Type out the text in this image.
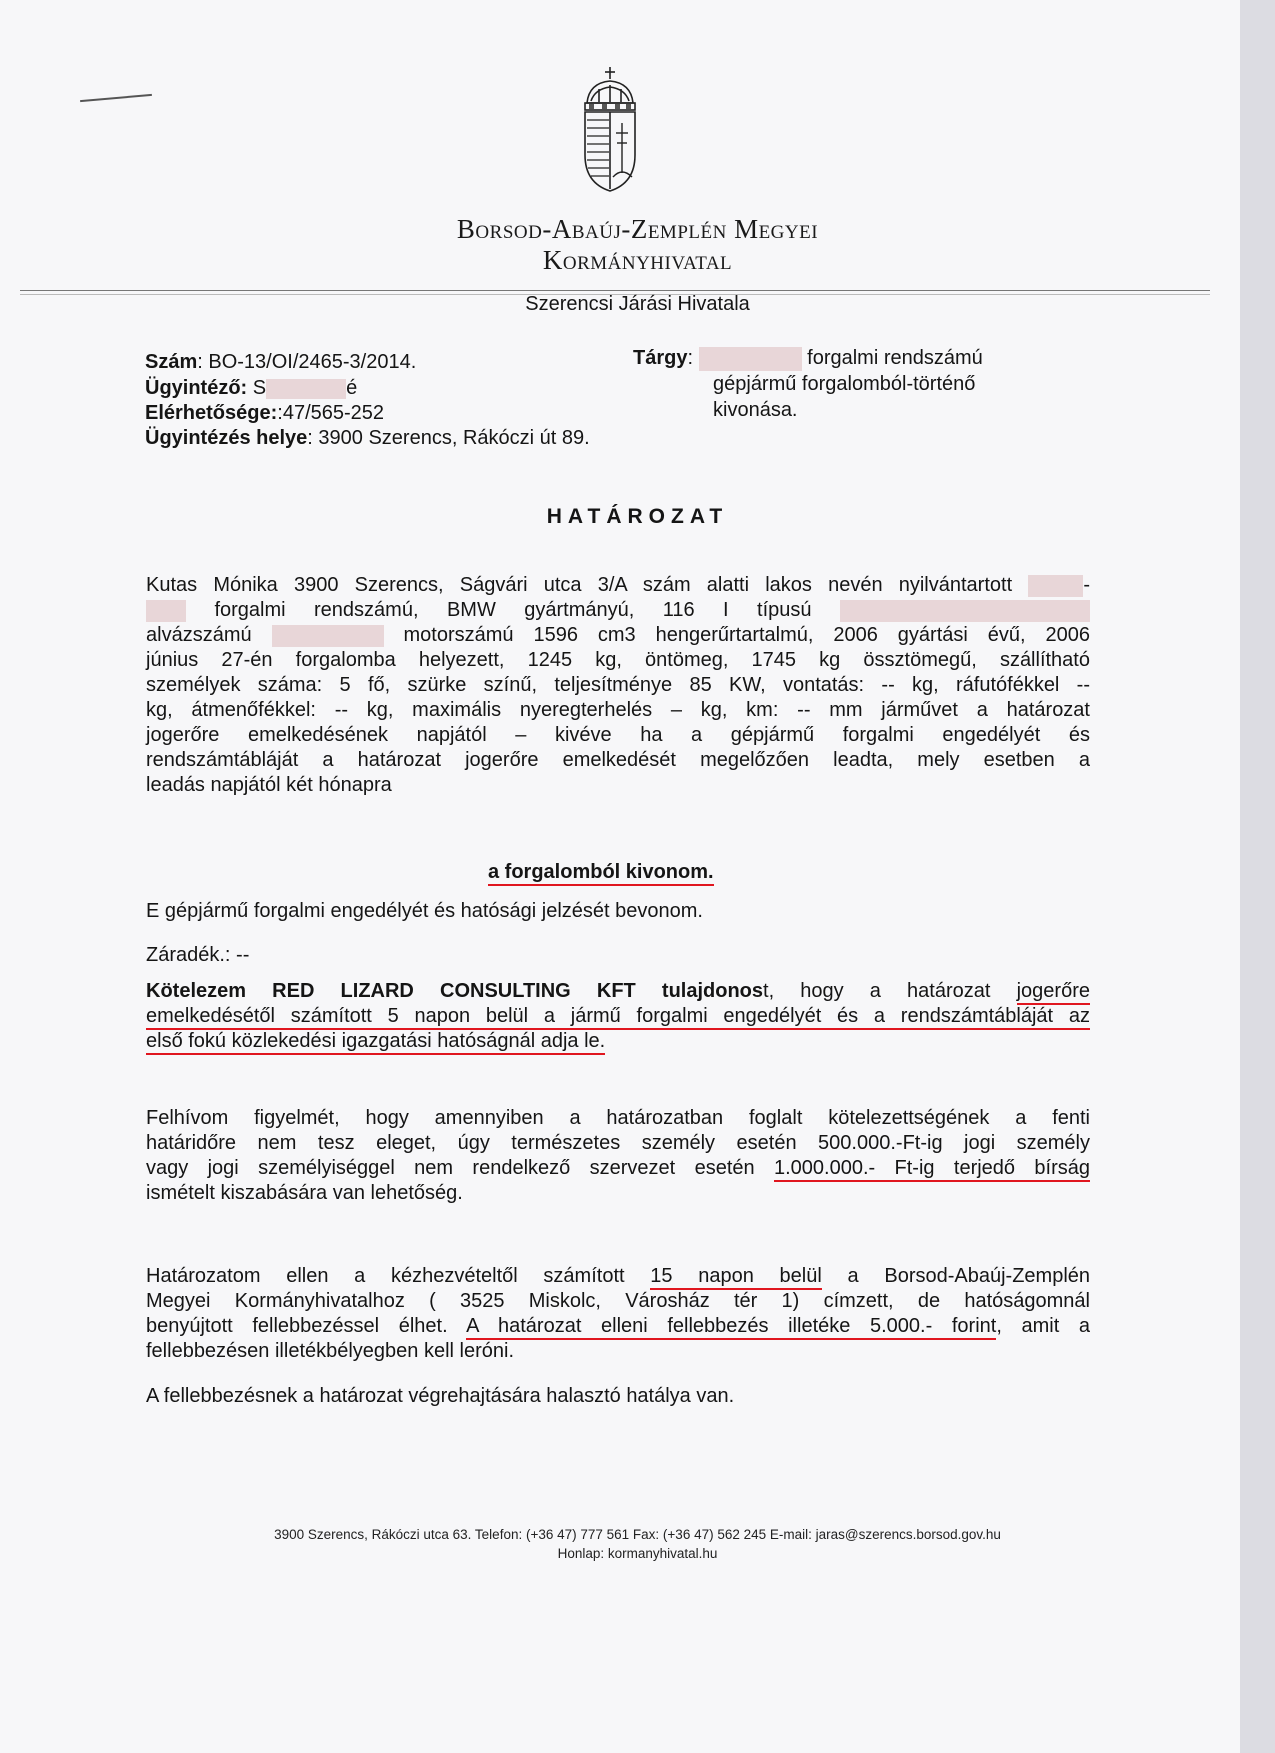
Borsod-Abaúj-Zemplén Megyei
Kormányhivatal
Szerencsi Járási Hivatala
Szám: BO-13/OI/2465-3/2014.
Ügyintéző: S	é
Elérhetősége::47/565-252
Ügyintézés helye: 3900 Szerencs, Rákóczi út 89.
Tárgy:	forgalmi rendszámú
gépjármű forgalomból-történő
kivonása.
HATÁROZAT
Kutas Mónika 3900 Szerencs, Ságvári utca 3/A szám alatti lakos nevén nyilvántartott	-
forgalmi rendszámú, BMW gyártmányú, 116 I típusú
alvázszámú	motorszámú 1596 cm3 hengerűrtartalmú, 2006 gyártási évű, 2006
június 27-én forgalomba helyezett, 1245 kg, öntömeg, 1745 kg össztömegű, szállítható
személyek száma: 5 fő, szürke színű, teljesítménye 85 KW, vontatás: -- kg, ráfutófékkel --
kg, átmenőfékkel: -- kg, maximális nyeregterhelés – kg, km: -- mm járművet a határozat
jogerőre emelkedésének napjától – kivéve ha a gépjármű forgalmi engedélyét és
rendszámtábláját a határozat jogerőre emelkedését megelőzően leadta, mely esetben a
leadás napjától két hónapra
a forgalomból kivonom.
E gépjármű forgalmi engedélyét és hatósági jelzését bevonom.
Záradék.: --
Kötelezem RED LIZARD CONSULTING KFT tulajdonost, hogy a határozat jogerőre
emelkedésétől számított 5 napon belül a jármű forgalmi engedélyét és a rendszámtábláját az
első fokú közlekedési igazgatási hatóságnál adja le.
Felhívom figyelmét, hogy amennyiben a határozatban foglalt kötelezettségének a fenti
határidőre nem tesz eleget, úgy természetes személy esetén 500.000.-Ft-ig jogi személy
vagy jogi személyiséggel nem rendelkező szervezet esetén 1.000.000.- Ft-ig terjedő bírság
ismételt kiszabására van lehetőség.
Határozatom ellen a kézhezvételtől számított 15 napon belül a Borsod-Abaúj-Zemplén
Megyei Kormányhivatalhoz ( 3525 Miskolc, Városház tér 1) címzett, de hatóságomnál
benyújtott fellebbezéssel élhet. A határozat elleni fellebbezés illetéke 5.000.- forint, amit a
fellebbezésen illetékbélyegben kell leróni.
A fellebbezésnek a határozat végrehajtására halasztó hatálya van.
3900 Szerencs, Rákóczi utca 63. Telefon: (+36 47) 777 561 Fax: (+36 47) 562 245 E-mail: jaras@szerencs.borsod.gov.hu
Honlap: kormanyhivatal.hu
